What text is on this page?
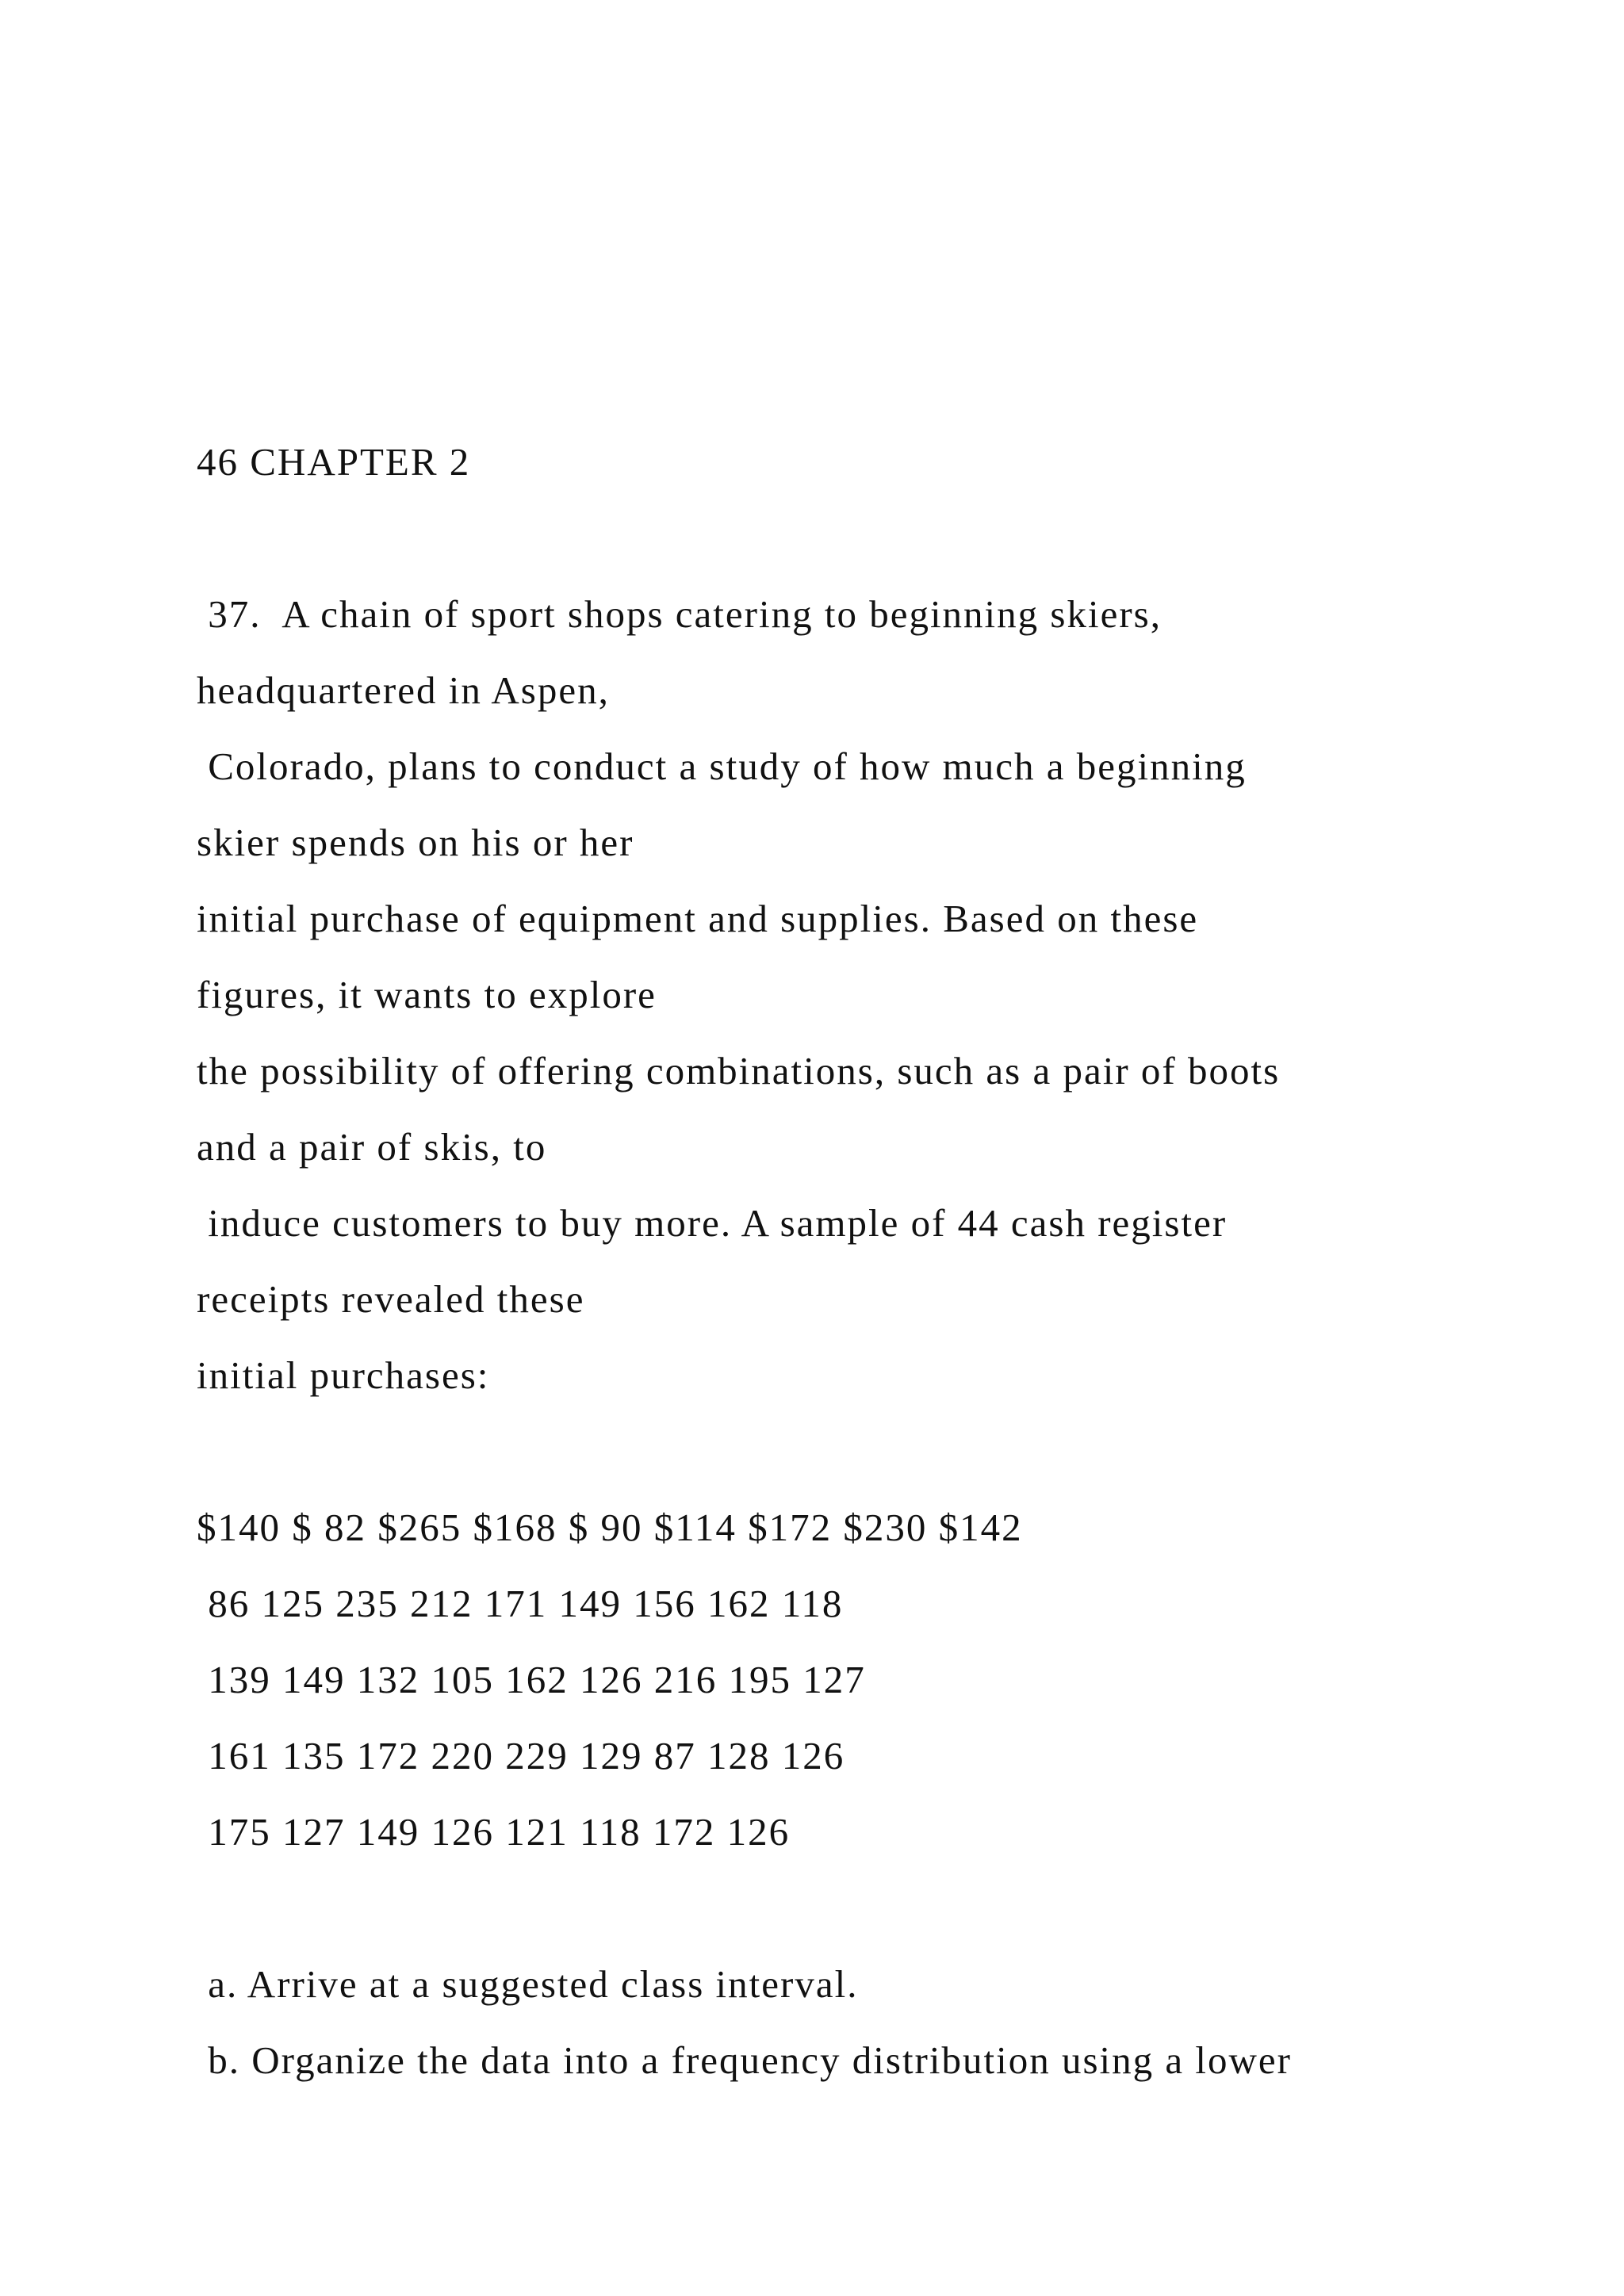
46 CHAPTER 2
37.  A chain of sport shops catering to beginning skiers,
headquartered in Aspen,
Colorado, plans to conduct a study of how much a beginning
skier spends on his or her
initial purchase of equipment and supplies. Based on these
figures, it wants to explore
the possibility of offering combinations, such as a pair of boots
and a pair of skis, to
induce customers to buy more. A sample of 44 cash register
receipts revealed these
initial purchases:
$140 $ 82 $265 $168 $ 90 $114 $172 $230 $142
86 125 235 212 171 149 156 162 118
139 149 132 105 162 126 216 195 127
161 135 172 220 229 129 87 128 126
175 127 149 126 121 118 172 126
a. Arrive at a suggested class interval.
b. Organize the data into a frequency distribution using a lower
